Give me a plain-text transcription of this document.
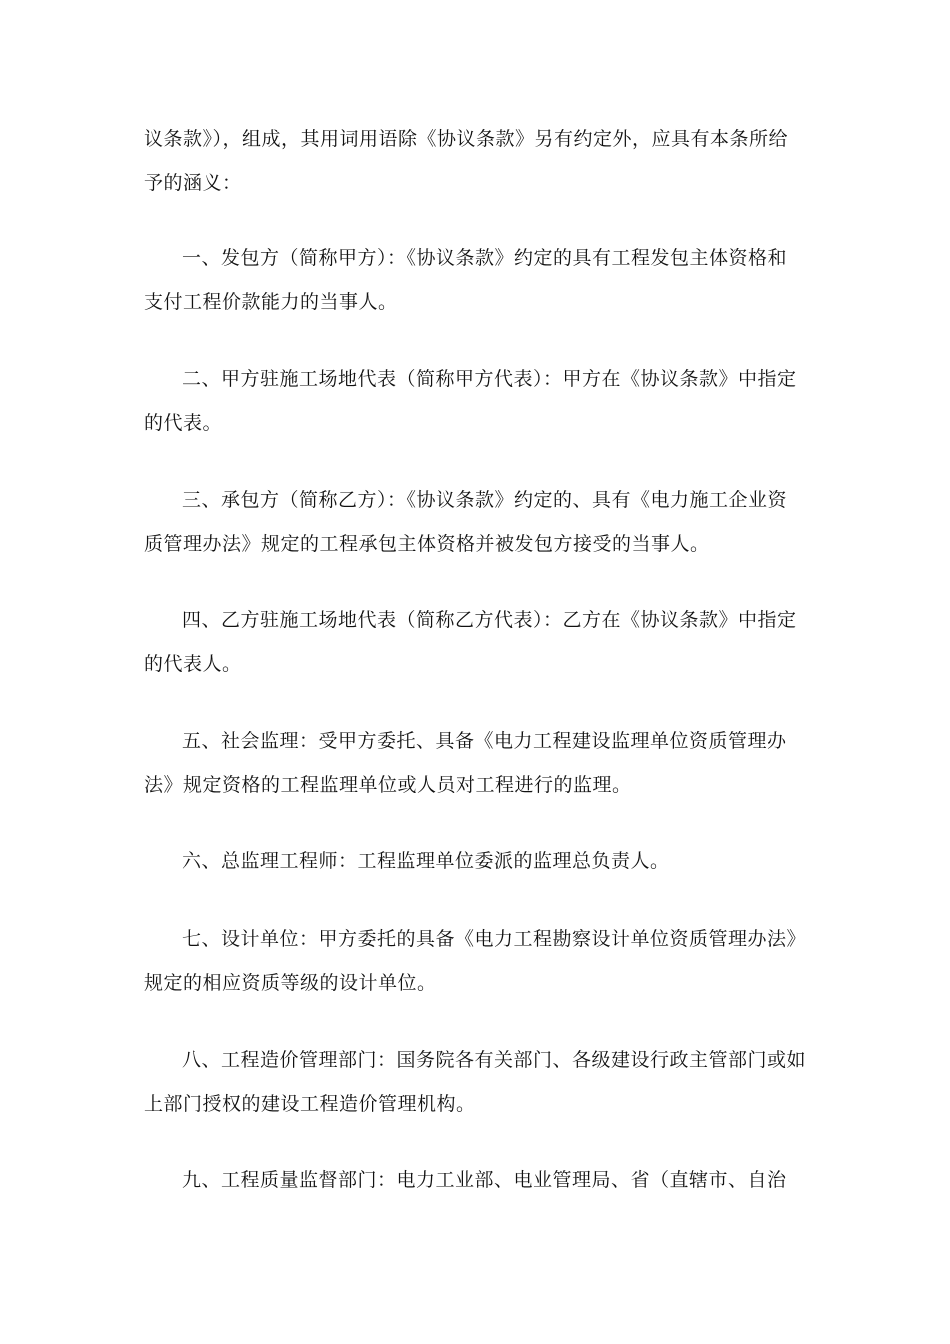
议条款》），组成，其用词用语除《协议条款》另有约定外，应具有本条所给
予的涵义：

一、发包方（简称甲方）：《协议条款》约定的具有工程发包主体资格和
支付工程价款能力的当事人。

二、甲方驻施工场地代表（简称甲方代表）：甲方在《协议条款》中指定
的代表。

三、承包方（简称乙方）：《协议条款》约定的、具有《电力施工企业资
质管理办法》规定的工程承包主体资格并被发包方接受的当事人。

四、乙方驻施工场地代表（简称乙方代表）：乙方在《协议条款》中指定
的代表人。

五、社会监理：受甲方委托、具备《电力工程建设监理单位资质管理办
法》规定资格的工程监理单位或人员对工程进行的监理。

六、总监理工程师：工程监理单位委派的监理总负责人。

七、设计单位：甲方委托的具备《电力工程勘察设计单位资质管理办法》
规定的相应资质等级的设计单位。

八、工程造价管理部门：国务院各有关部门、各级建设行政主管部门或如
上部门授权的建设工程造价管理机构。

九、工程质量监督部门：电力工业部、电业管理局、省（直辖市、自治
